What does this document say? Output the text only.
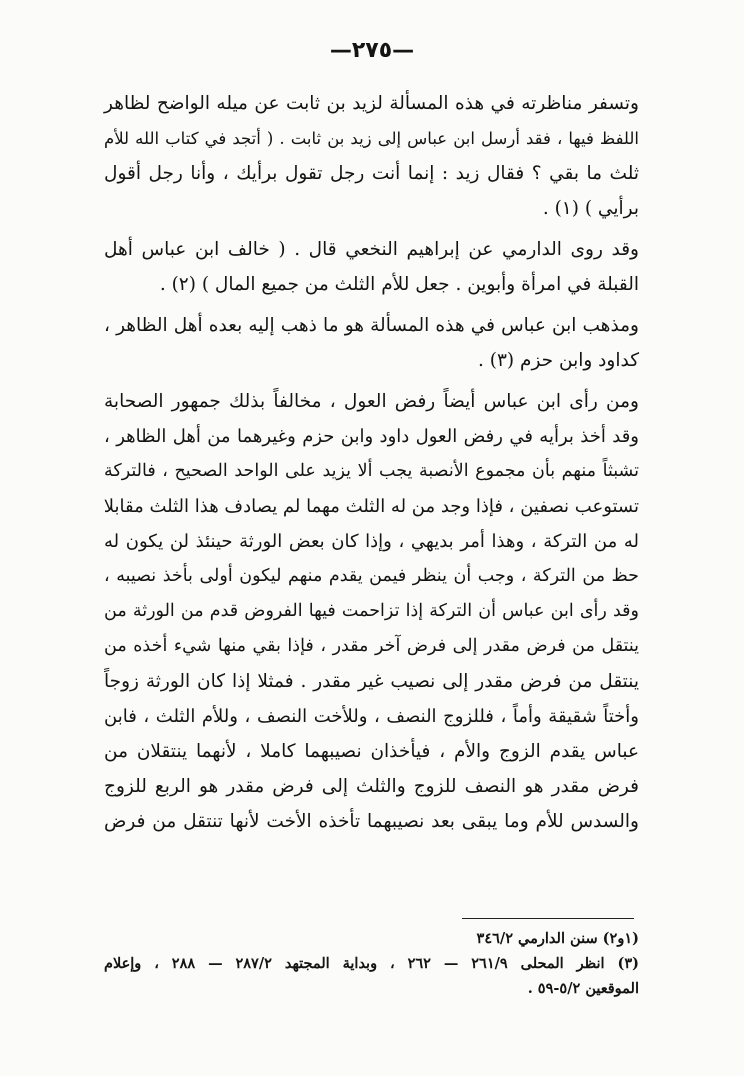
—٢٧٥—
وتسفر مناظرته في هذه المسألة لزيد بن ثابت عن ميله الواضح لظاهر
اللفظ فيها ، فقد أرسل ابن عباس إلى زيد بن ثابت . ( أتجد في كتاب الله للأم
ثلث ما بقي ؟ فقال زيد : إنما أنت رجل تقول برأيك ، وأنا رجل أقول
برأيي ) (١) .
وقد روى الدارمي عن إبراهيم النخعي قال . ( خالف ابن عباس أهل
القبلة في امرأة وأبوين . جعل للأم الثلث من جميع المال ) (٢) .
ومذهب ابن عباس في هذه المسألة هو ما ذهب إليه بعده أهل الظاهر ،
كداود وابن حزم (٣) .
ومن رأى ابن عباس أيضاً رفض العول ، مخالفاً بذلك جمهور الصحابة
وقد أخذ برأيه في رفض العول داود وابن حزم وغيرهما من أهل الظاهر ،
تشبثاً منهم بأن مجموع الأنصبة يجب ألا يزيد على الواحد الصحيح ، فالتركة
تستوعب نصفين ، فإذا وجد من له الثلث مهما لم يصادف هذا الثلث مقابلا
له من التركة ، وهذا أمر بديهي ، وإذا كان بعض الورثة حينئذ لن يكون له
حظ من التركة ، وجب أن ينظر فيمن يقدم منهم ليكون أولى بأخذ نصيبه ،
وقد رأى ابن عباس أن التركة إذا تزاحمت فيها الفروض قدم من الورثة من
ينتقل من فرض مقدر إلى فرض آخر مقدر ، فإذا بقي منها شيء أخذه من
ينتقل من فرض مقدر إلى نصيب غير مقدر . فمثلا إذا كان الورثة زوجاً
وأختاً شقيقة وأماً ، فللزوج النصف ، وللأخت النصف ، وللأم الثلث ، فابن
عباس يقدم الزوج والأم ، فيأخذان نصيبهما كاملا ، لأنهما ينتقلان من
فرض مقدر هو النصف للزوج والثلث إلى فرض مقدر هو الربع للزوج
والسدس للأم وما يبقى بعد نصيبهما تأخذه الأخت لأنها تنتقل من فرض
(١و٢) سنن الدارمي ٣٤٦/٢
(٣) انظر المحلى ٢٦١/٩ — ٢٦٢ ، وبداية المجتهد ٢٨٧/٢ — ٢٨٨ ، وإعلام
الموقعين ٥/٢-٥٩ .
